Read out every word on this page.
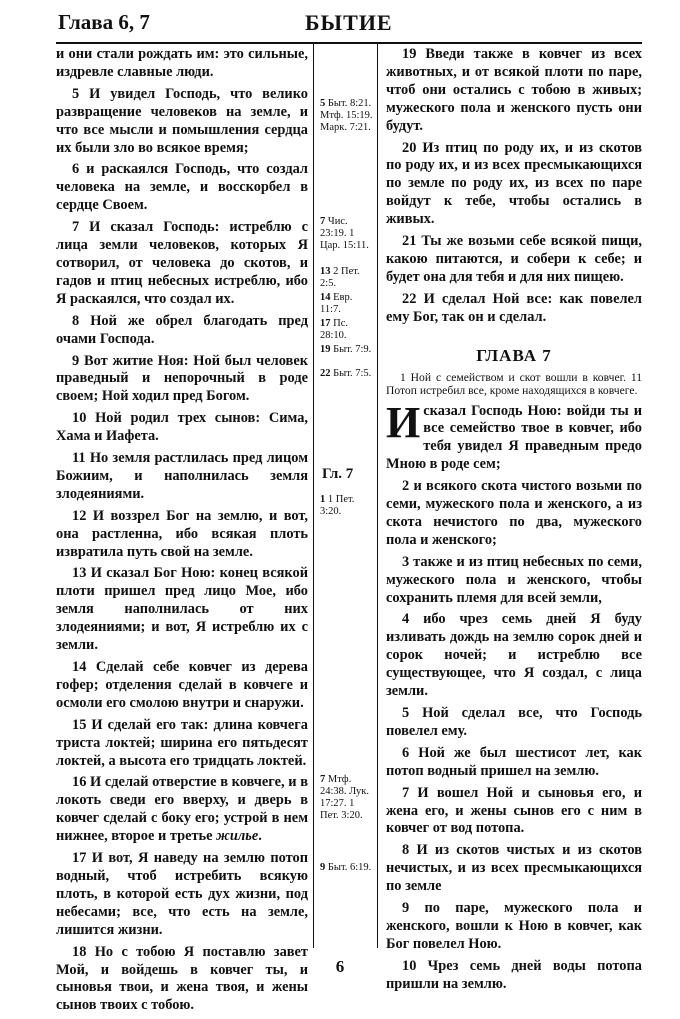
Глава 6, 7	БЫТИЕ

и они стали рождать им: это сильные, издревле славные люди.

5 И увидел Господь, что велико развращение человеков на земле, и что все мысли и помышления сердца их были зло во всякое время;

6 и раскаялся Господь, что создал человека на земле, и восскорбел в сердце Своем.

7 И сказал Господь: истреблю с лица земли человеков, которых Я сотворил, от человека до скотов, и гадов и птиц небесных истреблю, ибо Я раскаялся, что создал их.

8 Ной же обрел благодать пред очами Господа.

9 Вот житие Ноя: Ной был человек праведный и непорочный в роде своем; Ной ходил пред Богом.

10 Ной родил трех сынов: Сима, Хама и Иафета.

11 Но земля растлилась пред лицом Божиим, и наполнилась земля злодеяниями.

12 И воззрел Бог на землю, и вот, она растленна, ибо всякая плоть извратила путь свой на земле.

13 И сказал Бог Ною: конец всякой плоти пришел пред лицо Мое, ибо земля наполнилась от них злодеяниями; и вот, Я истреблю их с земли.

14 Сделай себе ковчег из дерева гофер; отделения сделай в ковчеге и осмоли его смолою внутри и снаружи.

15 И сделай его так: длина ковчега триста локтей; ширина его пятьдесят локтей, а высота его тридцать локтей.

16 И сделай отверстие в ковчеге, и в локоть сведи его вверху, и дверь в ковчег сделай с боку его; устрой в нем нижнее, второе и третье жилье.

17 И вот, Я наведу на землю потоп водный, чтоб истребить всякую плоть, в которой есть дух жизни, под небесами; все, что есть на земле, лишится жизни.

18 Но с тобою Я поставлю завет Мой, и войдешь в ковчег ты, и сыновья твои, и жена твоя, и жены сынов твоих с тобою.

5 Быт. 8:21. Мтф. 15:19. Марк. 7:21.
7 Чис. 23:19. 1 Цар. 15:11.
13 2 Пет. 2:5.
14 Евр. 11:7.
17 Пс. 28:10.
19 Быт. 7:9.
22 Быт. 7:5.
Гл. 7
1 1 Пет. 3:20.
7 Мтф. 24:38. Лук. 17:27. 1 Пет. 3:20.
9 Быт. 6:19.

19 Введи также в ковчег из всех животных, и от всякой плоти по паре, чтоб они остались с тобою в живых; мужеского пола и женского пусть они будут.

20 Из птиц по роду их, и из скотов по роду их, и из всех пресмыкающихся по земле по роду их, из всех по паре войдут к тебе, чтобы остались в живых.

21 Ты же возьми себе всякой пищи, какою питаются, и собери к себе; и будет она для тебя и для них пищею.

22 И сделал Ной все: как повелел ему Бог, так он и сделал.

ГЛАВА 7

1 Ной с семейством и скот вошли в ковчег. 11 Потоп истребил все, кроме находящихся в ковчеге.

И сказал Господь Ною: войди ты и все семейство твое в ковчег, ибо тебя увидел Я праведным предо Мною в роде сем;

2 и всякого скота чистого возьми по семи, мужеского пола и женского, а из скота нечистого по два, мужеского пола и женского;

3 также и из птиц небесных по семи, мужеского пола и женского, чтобы сохранить племя для всей земли,

4 ибо чрез семь дней Я буду изливать дождь на землю сорок дней и сорок ночей; и истреблю все существующее, что Я создал, с лица земли.

5 Ной сделал все, что Господь повелел ему.

6 Ной же был шестисот лет, как потоп водный пришел на землю.

7 И вошел Ной и сыновья его, и жена его, и жены сынов его с ним в ковчег от вод потопа.

8 И из скотов чистых и из скотов нечистых, и из всех пресмыкающихся по земле

9 по паре, мужеского пола и женского, вошли к Ною в ковчег, как Бог повелел Ною.

10 Чрез семь дней воды потопа пришли на землю.

6
